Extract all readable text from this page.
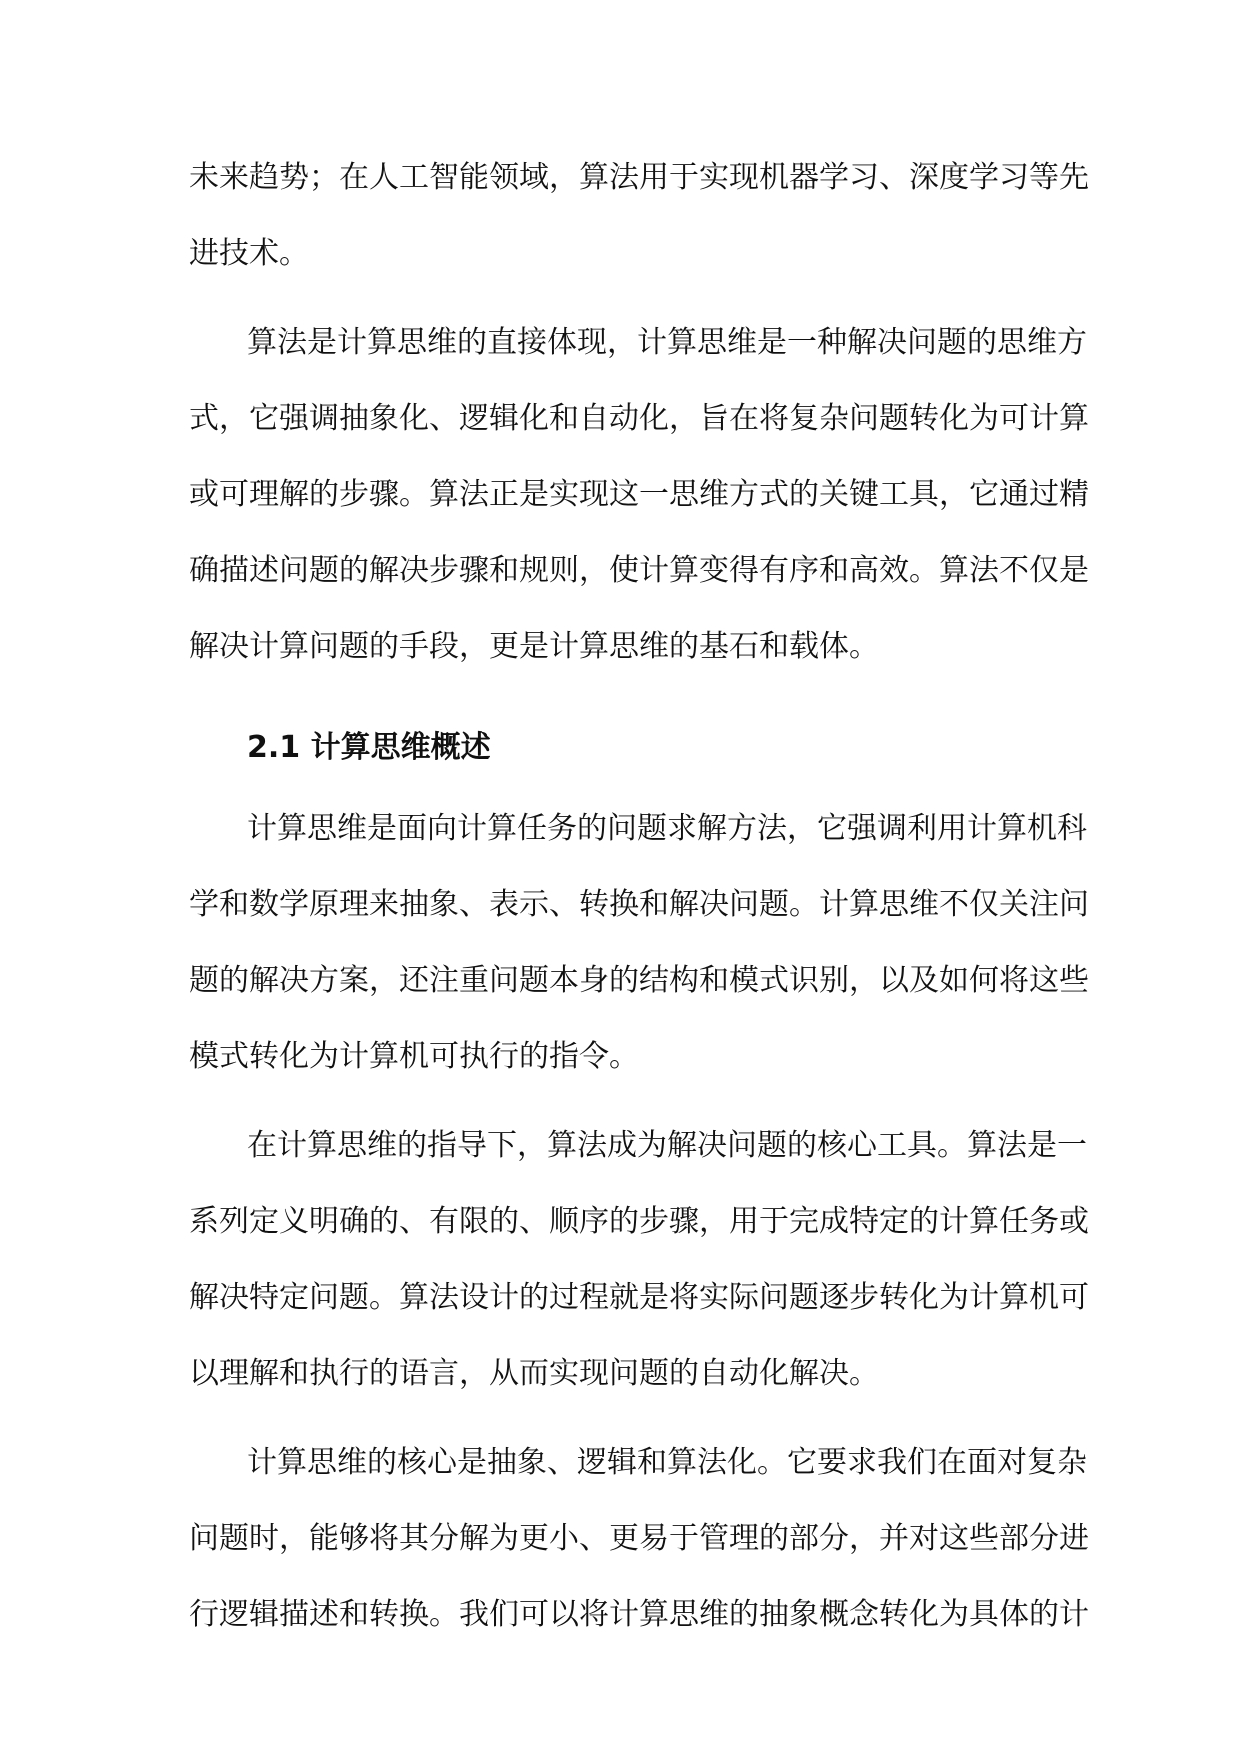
未来趋势；在人工智能领域，算法用于实现机器学习、深度学习等先
进技术。
算法是计算思维的直接体现，计算思维是一种解决问题的思维方
式，它强调抽象化、逻辑化和自动化，旨在将复杂问题转化为可计算
或可理解的步骤。算法正是实现这一思维方式的关键工具，它通过精
确描述问题的解决步骤和规则，使计算变得有序和高效。算法不仅是
解决计算问题的手段，更是计算思维的基石和载体。
2.1 计算思维概述
计算思维是面向计算任务的问题求解方法，它强调利用计算机科
学和数学原理来抽象、表示、转换和解决问题。计算思维不仅关注问
题的解决方案，还注重问题本身的结构和模式识别，以及如何将这些
模式转化为计算机可执行的指令。
在计算思维的指导下，算法成为解决问题的核心工具。算法是一
系列定义明确的、有限的、顺序的步骤，用于完成特定的计算任务或
解决特定问题。算法设计的过程就是将实际问题逐步转化为计算机可
以理解和执行的语言，从而实现问题的自动化解决。
计算思维的核心是抽象、逻辑和算法化。它要求我们在面对复杂
问题时，能够将其分解为更小、更易于管理的部分，并对这些部分进
行逻辑描述和转换。我们可以将计算思维的抽象概念转化为具体的计
